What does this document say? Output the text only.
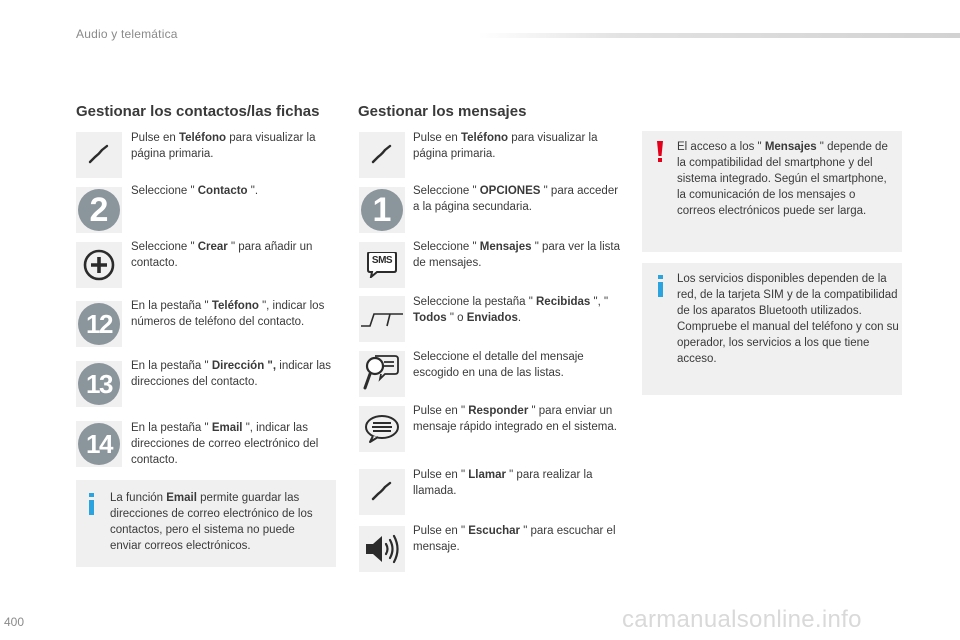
Audio y telemática
Gestionar los contactos/las fichas
Pulse en Teléfono para visualizar la página primaria.
2	Seleccione " Contacto ".
Seleccione " Crear " para añadir un contacto.
12
En la pestaña " Teléfono ", indicar los números de teléfono del contacto.
13
En la pestaña " Dirección ", indicar las direcciones del contacto.
14
En la pestaña " Email ", indicar las direcciones de correo electrónico del contacto.
La función Email permite guardar las direcciones de correo electrónico de los contactos, pero el sistema no puede enviar correos electrónicos.
Gestionar los mensajes
Pulse en Teléfono para visualizar la página primaria.
1	Seleccione " OPCIONES " para acceder a la página secundaria.
SMS
Seleccione " Mensajes " para ver la lista de mensajes.
Seleccione la pestaña " Recibidas ", " Todos " o Enviados.
Seleccione el detalle del mensaje escogido en una de las listas.
Pulse en " Responder " para enviar un mensaje rápido integrado en el sistema.
Pulse en " Llamar " para realizar la llamada.
Pulse en " Escuchar " para escuchar el mensaje.
El acceso a los " Mensajes " depende de la compatibilidad del smartphone y del sistema integrado. Según el smartphone, la comunicación de los mensajes o correos electrónicos puede ser larga.
Los servicios disponibles dependen de la red, de la tarjeta SIM y de la compatibilidad de los aparatos Bluetooth utilizados. Compruebe el manual del teléfono y con su operador, los servicios a los que tiene acceso.
400	carmanualsonline.info
